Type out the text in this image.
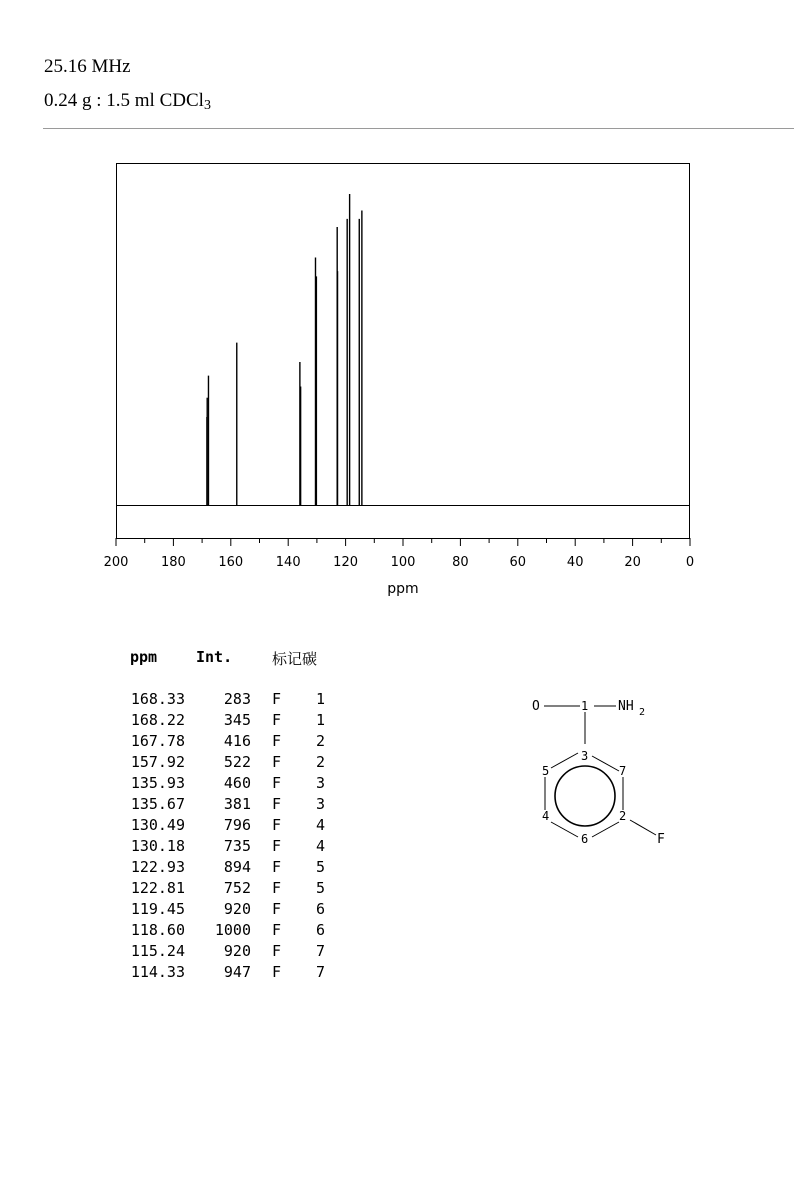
25.16 MHz
0.24 g : 1.5 ml CDCl$_3$
200	180	160	140	120	100	80	60	40	20	0
ppm
ppm	Int.	标记碳
168.33	283 F 1
168.22	345 F 1
167.78	416 F 2
157.92	522 F 2
135.93	460 F 3
135.67	381 F 3
130.49	796 F 4
130.18	735 F 4
122.93	894 F 5
122.81	752 F 5
119.45	920 F 6
118.60	1000 F 6
115.24	920 F 7
114.33	947 F 7
O	1 NH 2
3
5	7
4	2
6	F
